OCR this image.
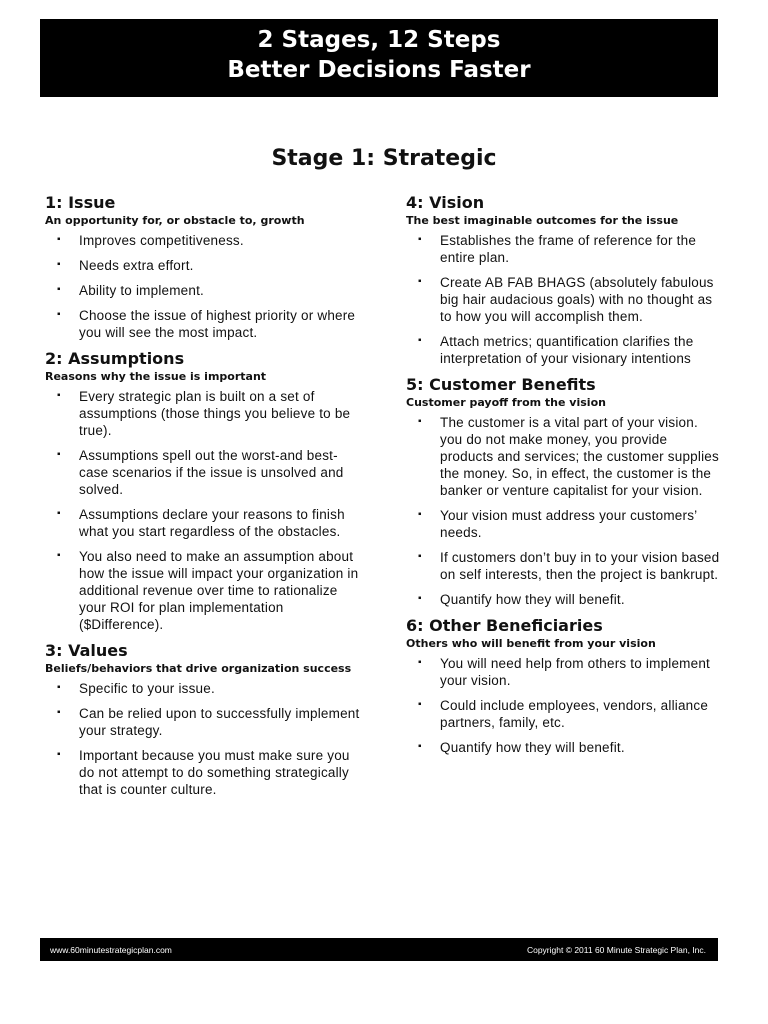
2 Stages, 12 Steps
Better Decisions Faster
Stage 1: Strategic
1: Issue
An opportunity for, or obstacle to, growth
▪ Improves competitiveness.
▪ Needs extra effort.
▪ Ability to implement.
▪ Choose the issue of highest priority or where you will see the most impact.
2: Assumptions
Reasons why the issue is important
▪ Every strategic plan is built on a set of assumptions (those things you believe to be true).
▪ Assumptions spell out the worst-and best-case scenarios if the issue is unsolved and solved.
▪ Assumptions declare your reasons to finish what you start regardless of the obstacles.
▪ You also need to make an assumption about how the issue will impact your organization in additional revenue over time to rationalize your ROI for plan implementation ($Difference).
3: Values
Beliefs/behaviors that drive organization success
▪ Specific to your issue.
▪ Can be relied upon to successfully implement your strategy.
▪ Important because you must make sure you do not attempt to do something strategically that is counter culture.
4: Vision
The best imaginable outcomes for the issue
▪ Establishes the frame of reference for the entire plan.
▪ Create AB FAB BHAGS (absolutely fabulous big hair audacious goals) with no thought as to how you will accomplish them.
▪ Attach metrics; quantification clarifies the interpretation of your visionary intentions
5: Customer Benefits
Customer payoff from the vision
▪ The customer is a vital part of your vision. you do not make money, you provide products and services; the customer supplies the money. So, in effect, the customer is the banker or venture capitalist for your vision.
▪ Your vision must address your customers’ needs.
▪ If customers don’t buy in to your vision based on self interests, then the project is bankrupt.
▪ Quantify how they will benefit.
6: Other Beneficiaries
Others who will benefit from your vision
▪ You will need help from others to implement your vision.
▪ Could include employees, vendors, alliance partners, family, etc.
▪ Quantify how they will benefit.
www.60minutestrategicplan.com	Copyright © 2011 60 Minute Strategic Plan, Inc.
